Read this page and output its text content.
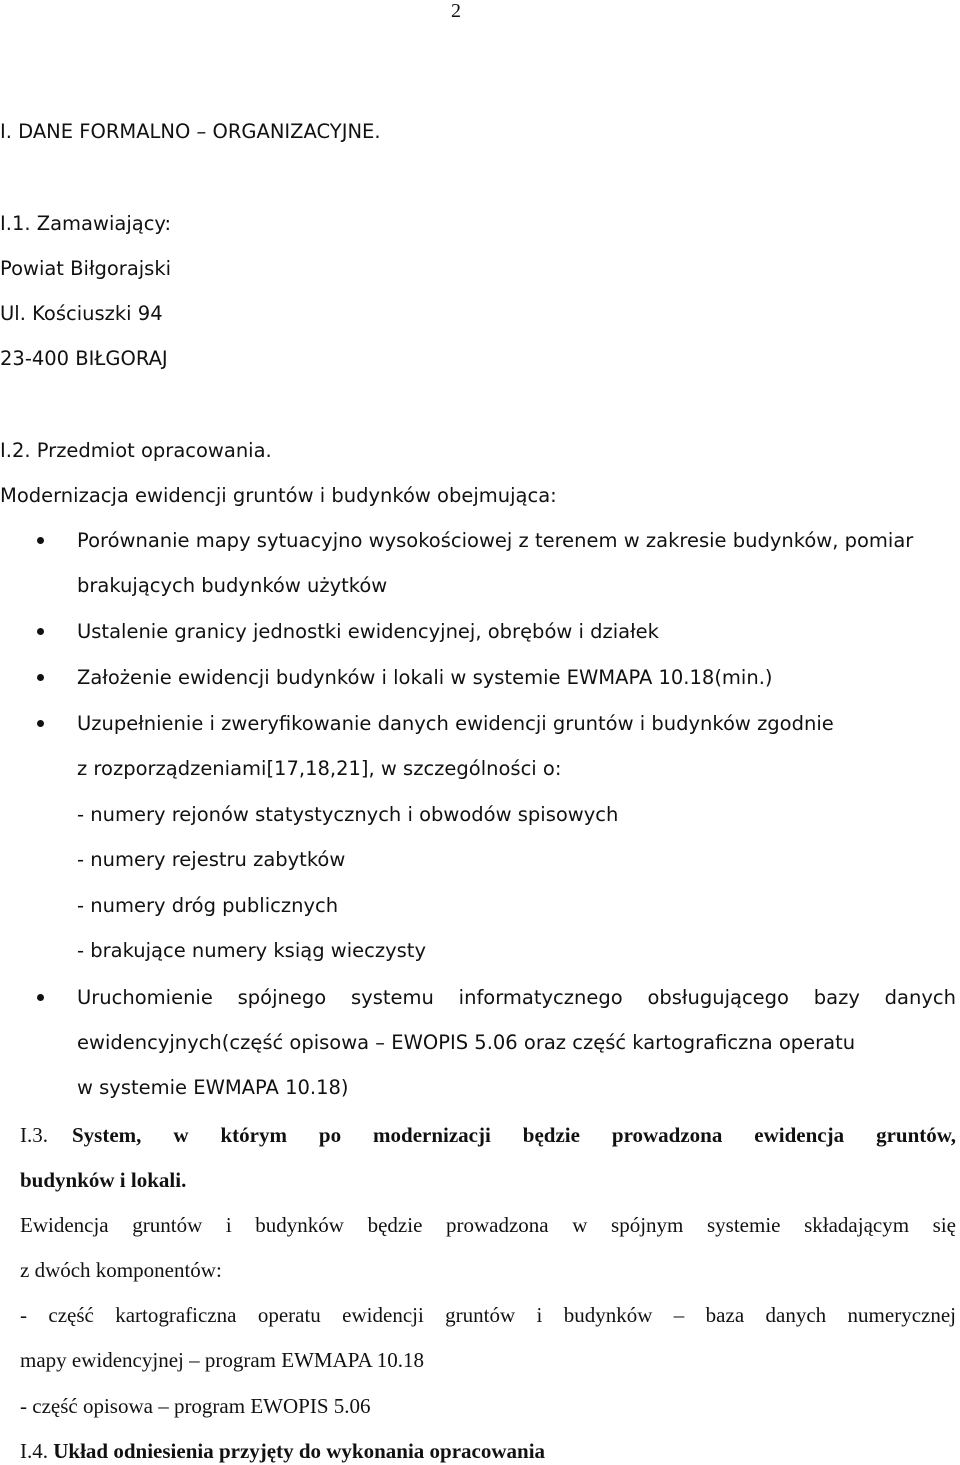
2
I. DANE FORMALNO – ORGANIZACYJNE.
I.1. Zamawiający:
Powiat Biłgorajski
Ul. Kościuszki 94
23-400 BIŁGORAJ
I.2. Przedmiot opracowania.
Modernizacja ewidencji gruntów i budynków obejmująca:
Porównanie mapy sytuacyjno wysokościowej z terenem w zakresie budynków, pomiar
brakujących budynków użytków
Ustalenie granicy jednostki ewidencyjnej, obrębów i działek
Założenie ewidencji budynków i lokali w systemie EWMAPA 10.18(min.)
Uzupełnienie i zweryfikowanie danych ewidencji gruntów i budynków zgodnie
z rozporządzeniami[17,18,21], w szczególności o:
- numery rejonów statystycznych i obwodów spisowych
- numery rejestru zabytków
- numery dróg publicznych
- brakujące numery ksiąg wieczysty
Uruchomienie spójnego systemu informatycznego obsługującego bazy danych
ewidencyjnych(część opisowa – EWOPIS 5.06 oraz część kartograficzna operatu
w systemie EWMAPA 10.18)
I.3. System, w którym po modernizacji będzie prowadzona ewidencja gruntów,
budynków i lokali.
Ewidencja gruntów i budynków będzie prowadzona w spójnym systemie składającym się
z dwóch komponentów:
- część kartograficzna operatu ewidencji gruntów i budynków – baza danych numerycznej
mapy ewidencyjnej – program EWMAPA 10.18
- część opisowa – program EWOPIS 5.06
I.4. Układ odniesienia przyjęty do wykonania opracowania
